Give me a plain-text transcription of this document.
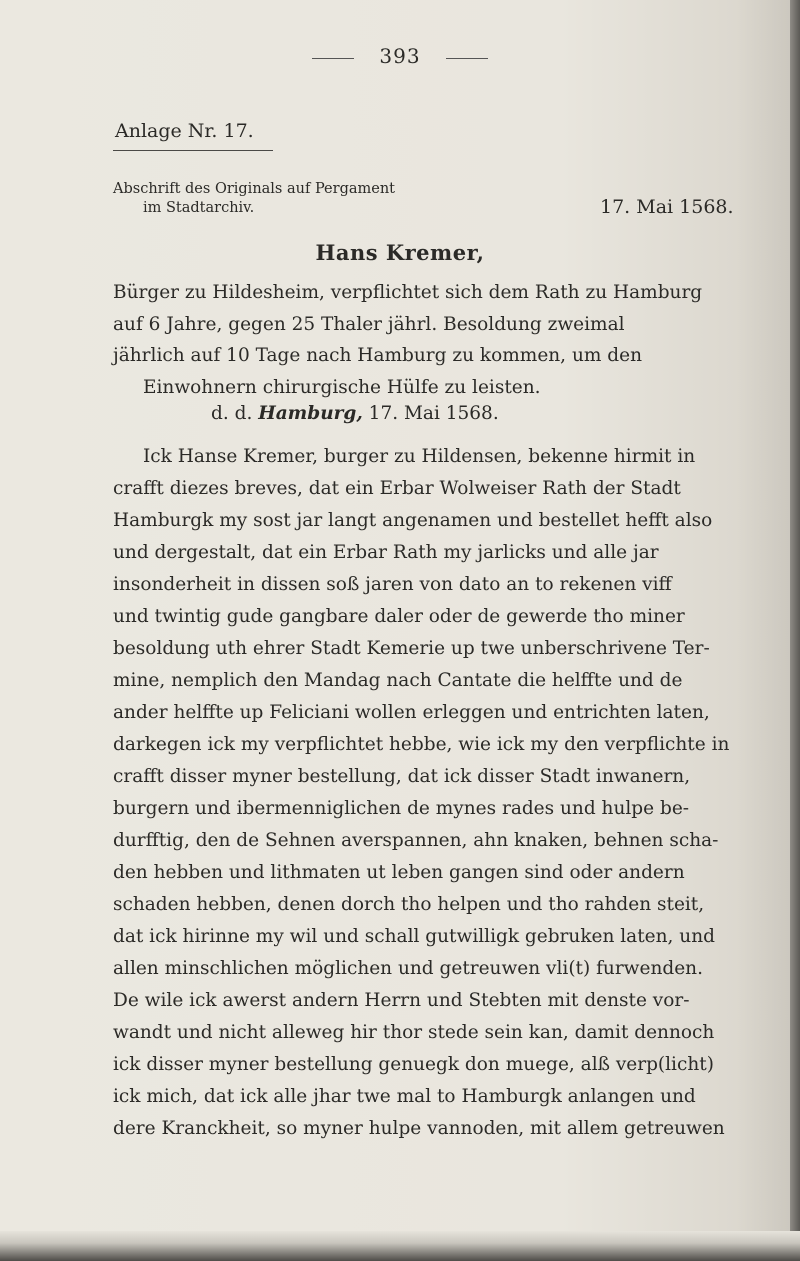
393
Anlage Nr. 17.
Abschrift des Originals auf Pergament
im Stadtarchiv.	17. Mai 1568.
Hans Kremer,
Bürger zu Hildesheim, verpflichtet sich dem Rath zu Hamburg
auf 6 Jahre, gegen 25 Thaler jährl. Besoldung zweimal
jährlich auf 10 Tage nach Hamburg zu kommen, um den
Einwohnern chirurgische Hülfe zu leisten.
d. d. Hamburg, 17. Mai 1568.
Ick Hanse Kremer, burger zu Hildensen, bekenne hirmit in
crafft diezes breves, dat ein Erbar Wolweiser Rath der Stadt
Hamburgk my sost jar langt angenamen und bestellet hefft also
und dergestalt, dat ein Erbar Rath my jarlicks und alle jar
insonderheit in dissen soß jaren von dato an to rekenen viff
und twintig gude gangbare daler oder de gewerde tho miner
besoldung uth ehrer Stadt Kemerie up twe unberschrivene Ter-
mine, nemplich den Mandag nach Cantate die helffte und de
ander helffte up Feliciani wollen erleggen und entrichten laten,
darkegen ick my verpflichtet hebbe, wie ick my den verpflichte in
crafft disser myner bestellung, dat ick disser Stadt inwanern,
burgern und ibermenniglichen de mynes rades und hulpe be-
durfftig, den de Sehnen averspannen, ahn knaken, behnen scha-
den hebben und lithmaten ut leben gangen sind oder andern
schaden hebben, denen dorch tho helpen und tho rahden steit,
dat ick hirinne my wil und schall gutwilligk gebruken laten, und
allen minschlichen möglichen und getreuwen vli(t) furwenden.
De wile ick awerst andern Herrn und Stebten mit denste vor-
wandt und nicht alleweg hir thor stede sein kan, damit dennoch
ick disser myner bestellung genuegk don muege, alß verp(licht)
ick mich, dat ick alle jhar twe mal to Hamburgk anlangen und
dere Kranckheit, so myner hulpe vannoden, mit allem getreuwen
